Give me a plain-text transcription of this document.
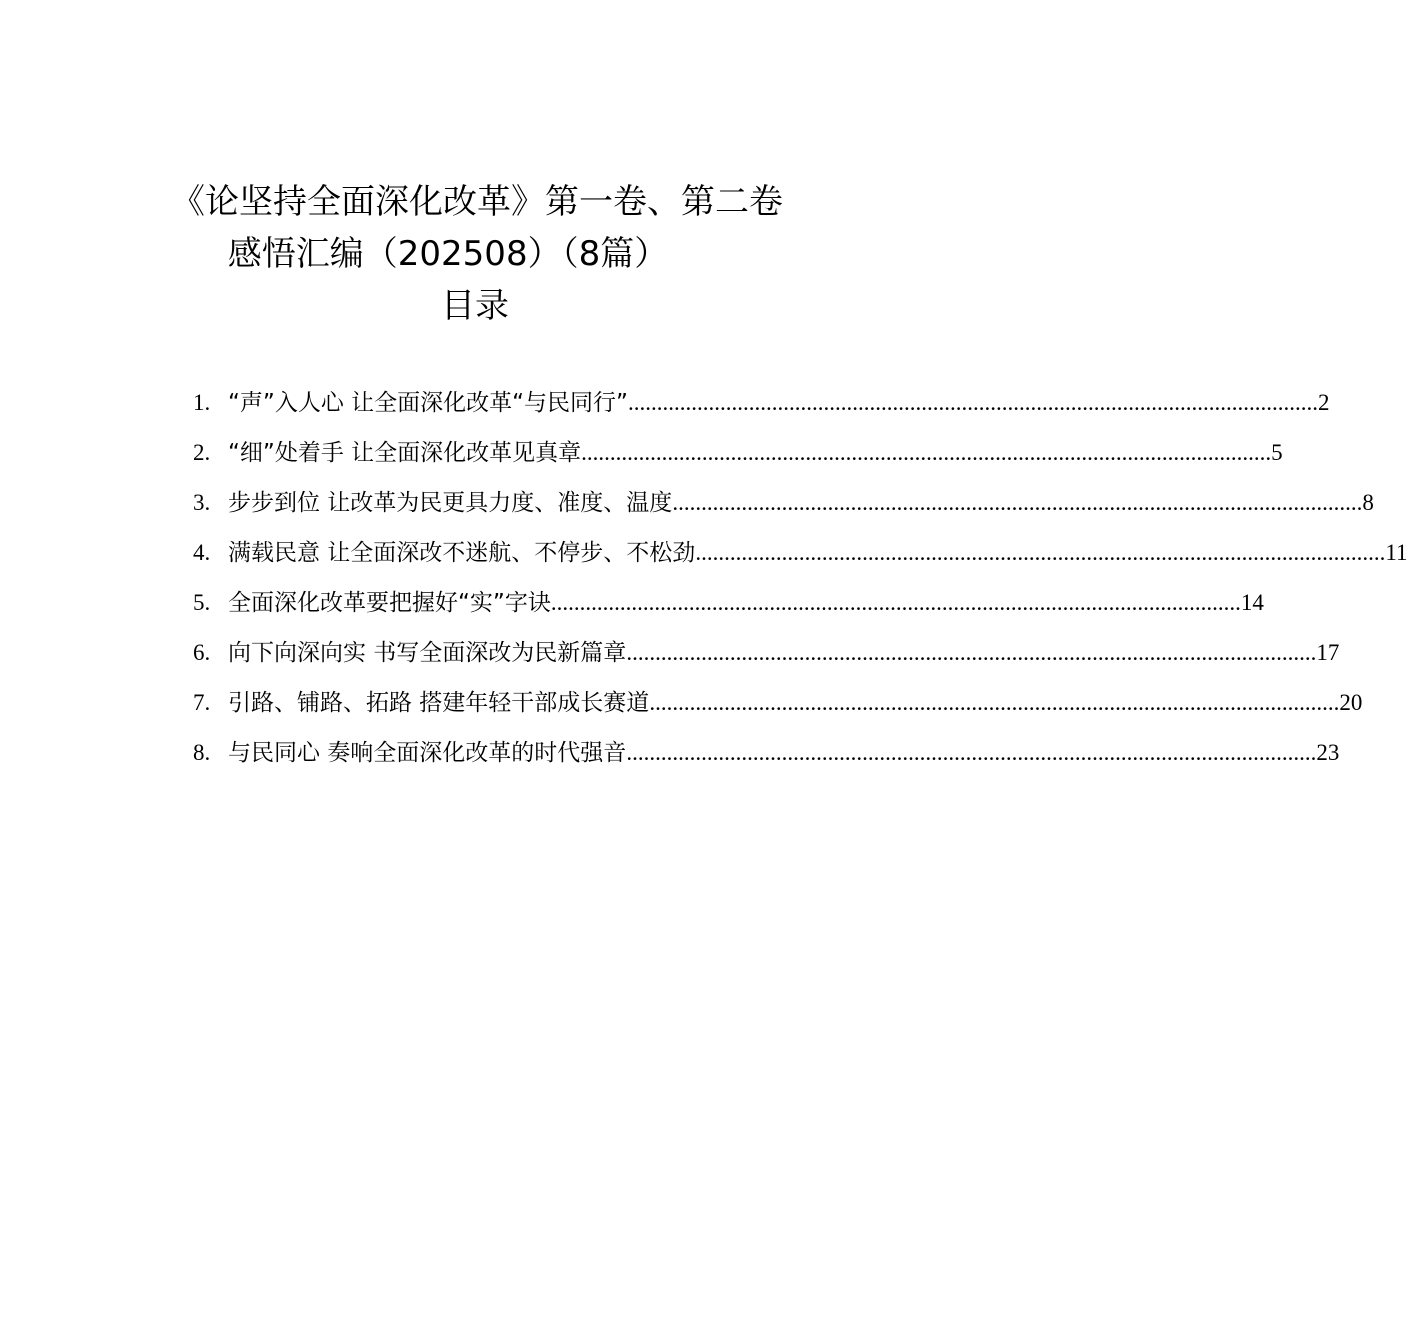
《论坚持全面深化改革》第一卷、第二卷
感悟汇编（202508）（8篇）
目录
1. “声”入人心 让全面深化改革“与民同行” ........................................................................................................................ 2
2. “细”处着手 让全面深化改革见真章 ........................................................................................................................ 5
3. 步步到位 让改革为民更具力度、准度、温度 ........................................................................................................................ 8
4. 满载民意 让全面深改不迷航、不停步、不松劲 ........................................................................................................................ 11
5. 全面深化改革要把握好“实”字诀 ........................................................................................................................ 14
6. 向下向深向实 书写全面深改为民新篇章 ........................................................................................................................ 17
7. 引路、铺路、拓路 搭建年轻干部成长赛道 ........................................................................................................................ 20
8. 与民同心 奏响全面深化改革的时代强音 ........................................................................................................................ 23
